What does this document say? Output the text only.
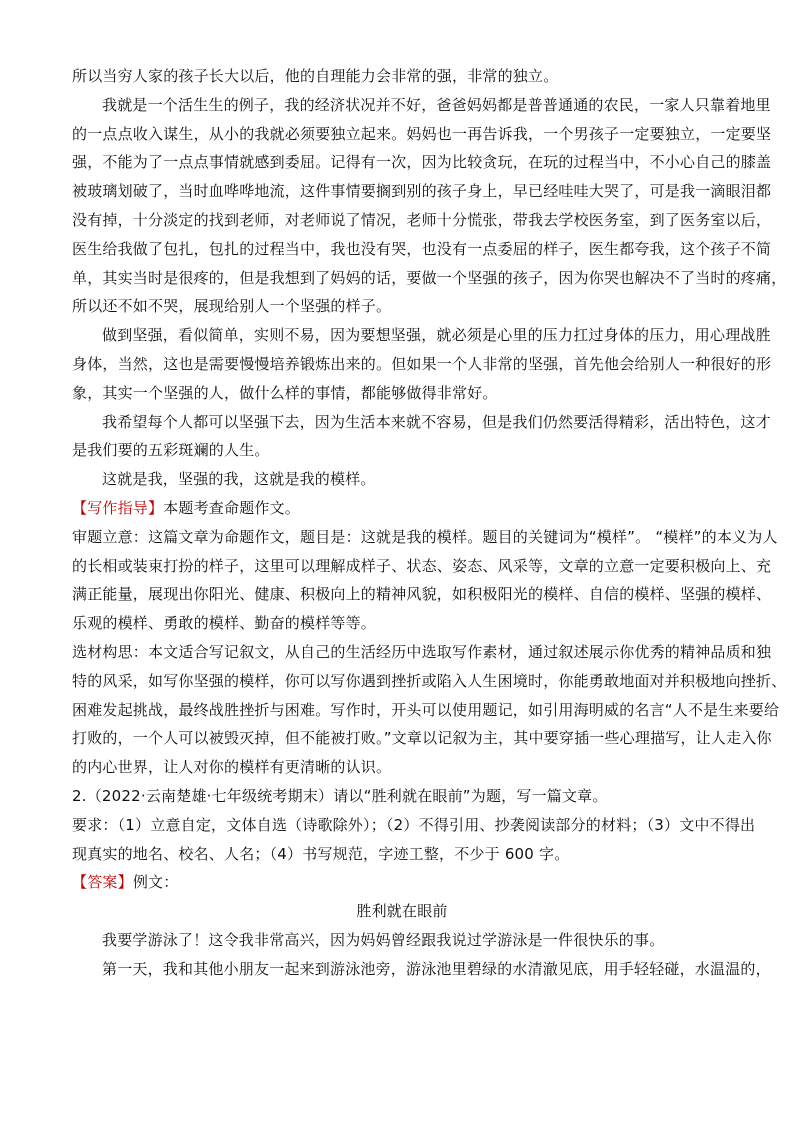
所以当穷人家的孩子长大以后，他的自理能力会非常的强，非常的独立。
我就是一个活生生的例子，我的经济状况并不好，爸爸妈妈都是普普通通的农民，一家人只靠着地里
的一点点收入谋生，从小的我就必须要独立起来。妈妈也一再告诉我，一个男孩子一定要独立，一定要坚
强，不能为了一点点事情就感到委屈。记得有一次，因为比较贪玩，在玩的过程当中，不小心自己的膝盖
被玻璃划破了，当时血哗哗地流，这件事情要搁到别的孩子身上，早已经哇哇大哭了，可是我一滴眼泪都
没有掉，十分淡定的找到老师，对老师说了情况，老师十分慌张，带我去学校医务室，到了医务室以后，
医生给我做了包扎，包扎的过程当中，我也没有哭，也没有一点委屈的样子，医生都夸我，这个孩子不简
单，其实当时是很疼的，但是我想到了妈妈的话，要做一个坚强的孩子，因为你哭也解决不了当时的疼痛，
所以还不如不哭，展现给别人一个坚强的样子。
做到坚强，看似简单，实则不易，因为要想坚强，就必须是心里的压力扛过身体的压力，用心理战胜
身体，当然，这也是需要慢慢培养锻炼出来的。但如果一个人非常的坚强，首先他会给别人一种很好的形
象，其实一个坚强的人，做什么样的事情，都能够做得非常好。
我希望每个人都可以坚强下去，因为生活本来就不容易，但是我们仍然要活得精彩，活出特色，这才
是我们要的五彩斑斓的人生。
这就是我，坚强的我，这就是我的模样。
【写作指导】本题考查命题作文。
审题立意：这篇文章为命题作文，题目是：这就是我的模样。题目的关键词为“模样”。 “模样”的本义为人
的长相或装束打扮的样子，这里可以理解成样子、状态、姿态、风采等，文章的立意一定要积极向上、充
满正能量，展现出你阳光、健康、积极向上的精神风貌，如积极阳光的模样、自信的模样、坚强的模样、
乐观的模样、勇敢的模样、勤奋的模样等等。
选材构思：本文适合写记叙文，从自己的生活经历中选取写作素材，通过叙述展示你优秀的精神品质和独
特的风采，如写你坚强的模样，你可以写你遇到挫折或陷入人生困境时，你能勇敢地面对并积极地向挫折、
困难发起挑战，最终战胜挫折与困难。写作时，开头可以使用题记，如引用海明威的名言“人不是生来要给
打败的，一个人可以被毁灭掉，但不能被打败。”文章以记叙为主，其中要穿插一些心理描写，让人走入你
的内心世界，让人对你的模样有更清晰的认识。
2.（2022·云南楚雄·七年级统考期末）请以“胜利就在眼前”为题，写一篇文章。
要求：（1）立意自定，文体自选（诗歌除外）；（2）不得引用、抄袭阅读部分的材料；（3）文中不得出
现真实的地名、校名、人名；（4）书写规范，字迹工整，不少于 600 字。
【答案】例文：
胜利就在眼前
我要学游泳了！这令我非常高兴，因为妈妈曾经跟我说过学游泳是一件很快乐的事。
第一天，我和其他小朋友一起来到游泳池旁，游泳池里碧绿的水清澈见底，用手轻轻碰，水温温的，
